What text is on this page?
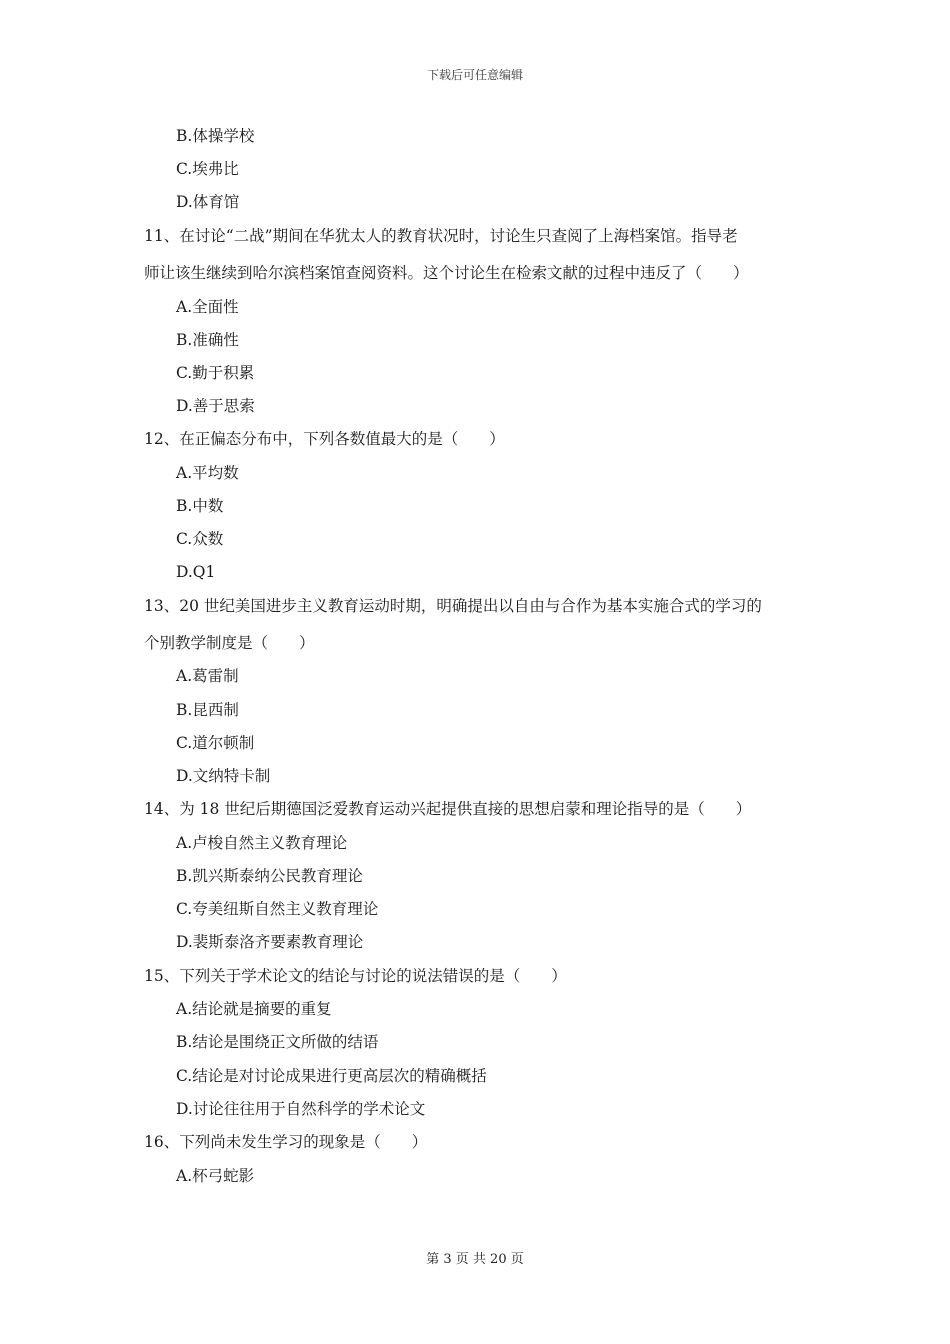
下载后可任意编辑
B.体操学校
C.埃弗比
D.体育馆
11、在讨论“二战”期间在华犹太人的教育状况时，讨论生只查阅了上海档案馆。指导老
师让该生继续到哈尔滨档案馆查阅资料。这个讨论生在检索文献的过程中违反了（　　）
A.全面性
B.准确性
C.勤于积累
D.善于思索
12、在正偏态分布中，下列各数值最大的是（　　）
A.平均数
B.中数
C.众数
D.Q1
13、20 世纪美国进步主义教育运动时期，明确提出以自由与合作为基本实施合式的学习的
个别教学制度是（　　）
A.葛雷制
B.昆西制
C.道尔顿制
D.文纳特卡制
14、为 18 世纪后期德国泛爱教育运动兴起提供直接的思想启蒙和理论指导的是（　　）
A.卢梭自然主义教育理论
B.凯兴斯泰纳公民教育理论
C.夸美纽斯自然主义教育理论
D.裴斯泰洛齐要素教育理论
15、下列关于学术论文的结论与讨论的说法错误的是（　　）
A.结论就是摘要的重复
B.结论是围绕正文所做的结语
C.结论是对讨论成果进行更高层次的精确概括
D.讨论往往用于自然科学的学术论文
16、下列尚未发生学习的现象是（　　）
A.杯弓蛇影
第 3 页 共 20 页
